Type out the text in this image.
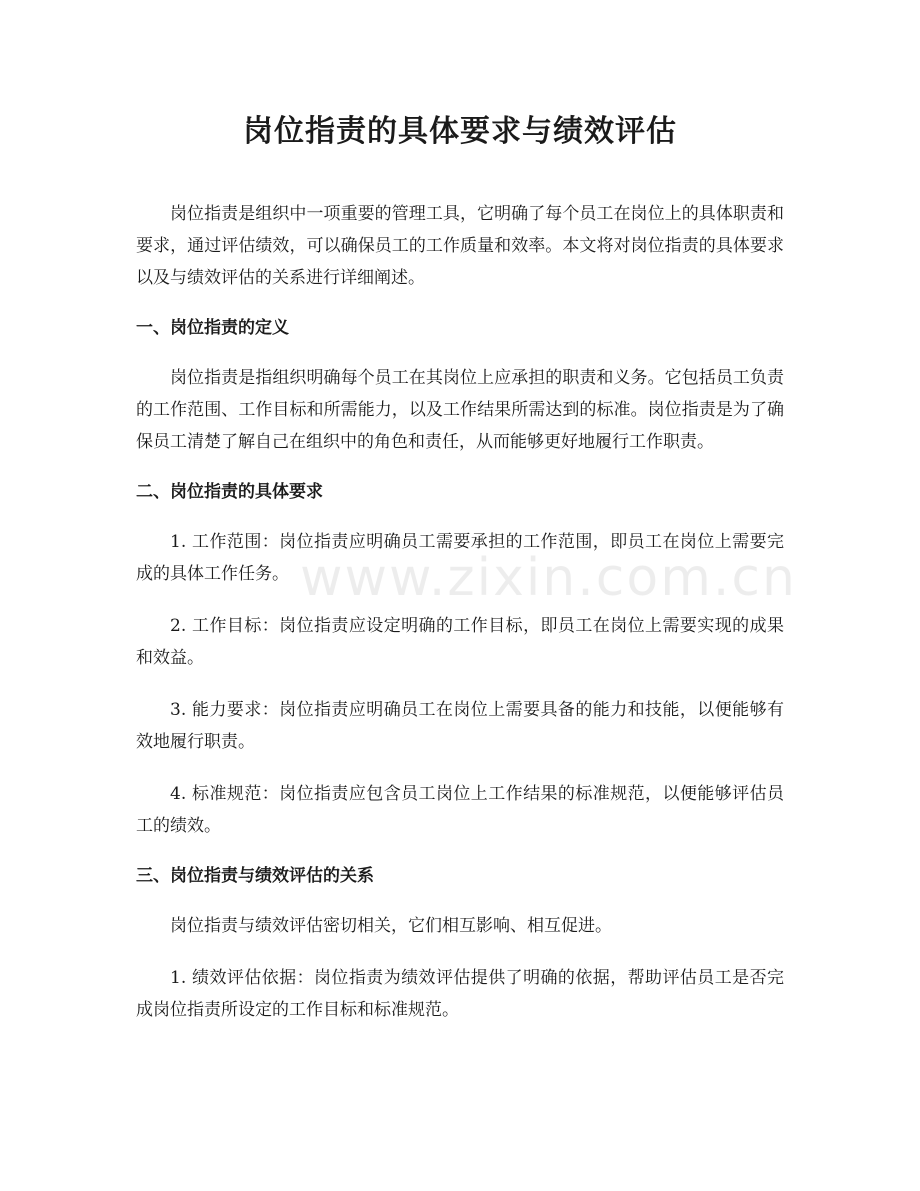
岗位指责的具体要求与绩效评估

岗位指责是组织中一项重要的管理工具，它明确了每个员工在岗位上的具体职责和要求，通过评估绩效，可以确保员工的工作质量和效率。本文将对岗位指责的具体要求以及与绩效评估的关系进行详细阐述。

一、岗位指责的定义

岗位指责是指组织明确每个员工在其岗位上应承担的职责和义务。它包括员工负责的工作范围、工作目标和所需能力，以及工作结果所需达到的标准。岗位指责是为了确保员工清楚了解自己在组织中的角色和责任，从而能够更好地履行工作职责。

二、岗位指责的具体要求

1. 工作范围：岗位指责应明确员工需要承担的工作范围，即员工在岗位上需要完成的具体工作任务。

2. 工作目标：岗位指责应设定明确的工作目标，即员工在岗位上需要实现的成果和效益。

3. 能力要求：岗位指责应明确员工在岗位上需要具备的能力和技能，以便能够有效地履行职责。

4. 标准规范：岗位指责应包含员工岗位上工作结果的标准规范，以便能够评估员工的绩效。

三、岗位指责与绩效评估的关系

岗位指责与绩效评估密切相关，它们相互影响、相互促进。

1. 绩效评估依据：岗位指责为绩效评估提供了明确的依据，帮助评估员工是否完成岗位指责所设定的工作目标和标准规范。

www.zixin.com.cn
